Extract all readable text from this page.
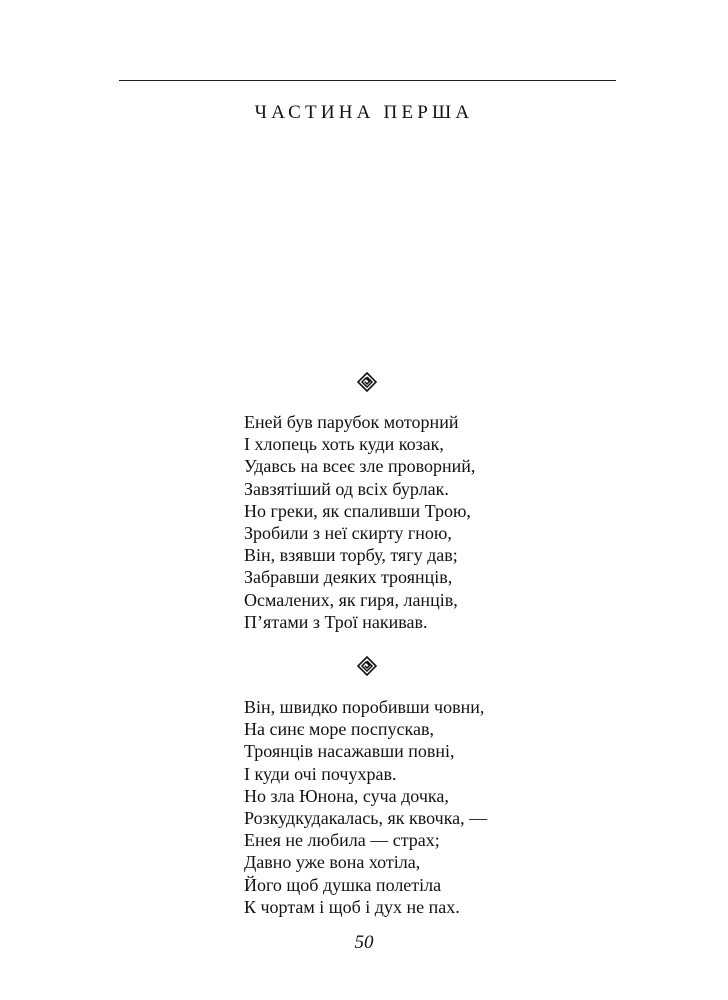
ЧАСТИНА ПЕРША
Еней був парубок моторний
І хлопець хоть куди козак,
Удавсь на всеє зле проворний,
Завзятіший од всіх бурлак.
Но греки, як спаливши Трою,
Зробили з неї скирту гною,
Він, взявши торбу, тягу дав;
Забравши деяких троянців,
Осмалених, як гиря, ланців,
П’ятами з Трої накивав.
Він, швидко поробивши човни,
На синє море поспускав,
Троянців насажавши повні,
І куди очі почухрав.
Но зла Юнона, суча дочка,
Розкудкудакалась, як квочка, —
Енея не любила — страх;
Давно уже вона хотіла,
Його щоб душка полетіла
К чортам і щоб і дух не пах.
50
